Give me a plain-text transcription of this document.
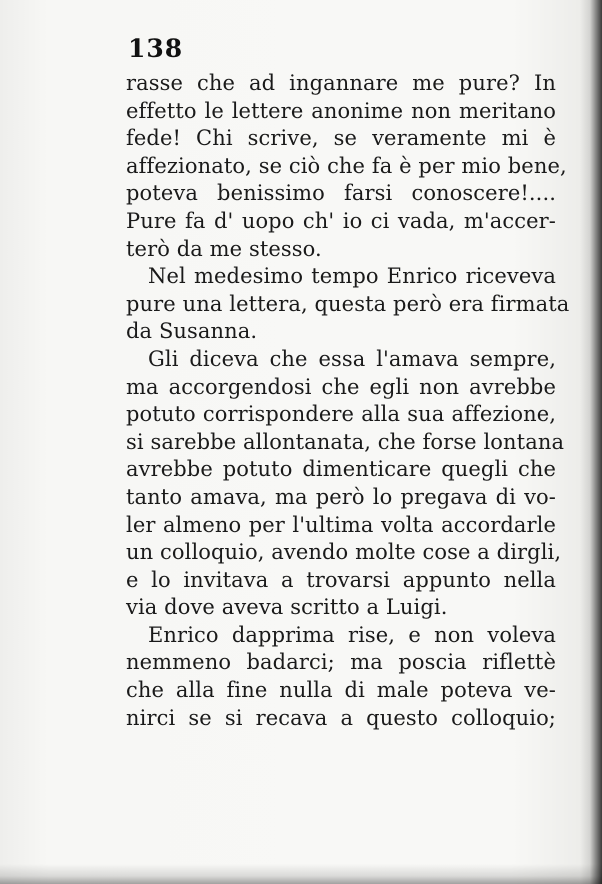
138
rasse che ad ingannare me pure? In
effetto le lettere anonime non meritano
fede! Chi scrive, se veramente mi è
affezionato, se ciò che fa è per mio bene,
poteva benissimo farsi conoscere!....
Pure fa d' uopo ch' io ci vada, m'accer-
terò da me stesso.
Nel medesimo tempo Enrico riceveva
pure una lettera, questa però era firmata
da Susanna.
Gli diceva che essa l'amava sempre,
ma accorgendosi che egli non avrebbe
potuto corrispondere alla sua affezione,
si sarebbe allontanata, che forse lontana
avrebbe potuto dimenticare quegli che
tanto amava, ma però lo pregava di vo-
ler almeno per l'ultima volta accordarle
un colloquio, avendo molte cose a dirgli,
e lo invitava a trovarsi appunto nella
via dove aveva scritto a Luigi.
Enrico dapprima rise, e non voleva
nemmeno badarci; ma poscia riflettè
che alla fine nulla di male poteva ve-
nirci se si recava a questo colloquio;
